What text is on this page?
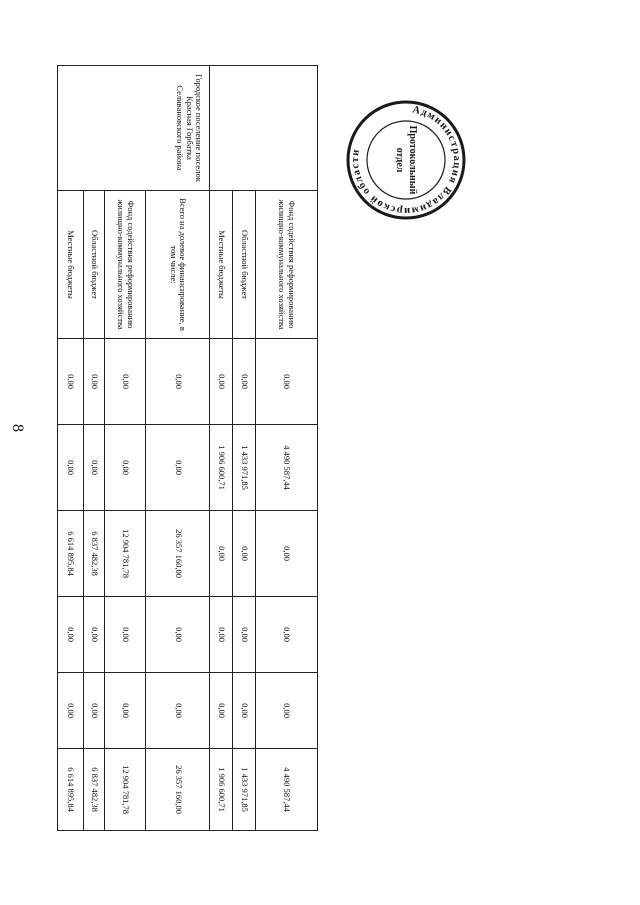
8
	Фонд содействия реформированию жилищно-коммунального хозяйства	0,00	4 490 587,44	0,00	0,00	0,00	4 490 587,44
	Областной бюджет	0,00	1 433 971,85	0,00	0,00	0,00	1 433 971,85
	Местные бюджеты	0,00	1 906 600,71	0,00	0,00	0,00	1 906 600,71
Городское поселение поселок Красная Горбатка Селивановского района	Всего на долевое финансирование, в том числе:	0,00	0,00	26 357 160,00	0,00	0,00	26 357 160,00
	Фонд содействия реформированию жилищно-коммунального хозяйства	0,00	0,00	12 904 781,78	0,00	0,00	12 904 781,78
	Областной бюджет	0,00	0,00	6 837 482,38	0,00	0,00	6 837 482,38
	Местные бюджеты	0,00	0,00	6 614 895,84	0,00	0,00	6 614 895,84
Администрация Владимирской области	Протокольный
отдел
